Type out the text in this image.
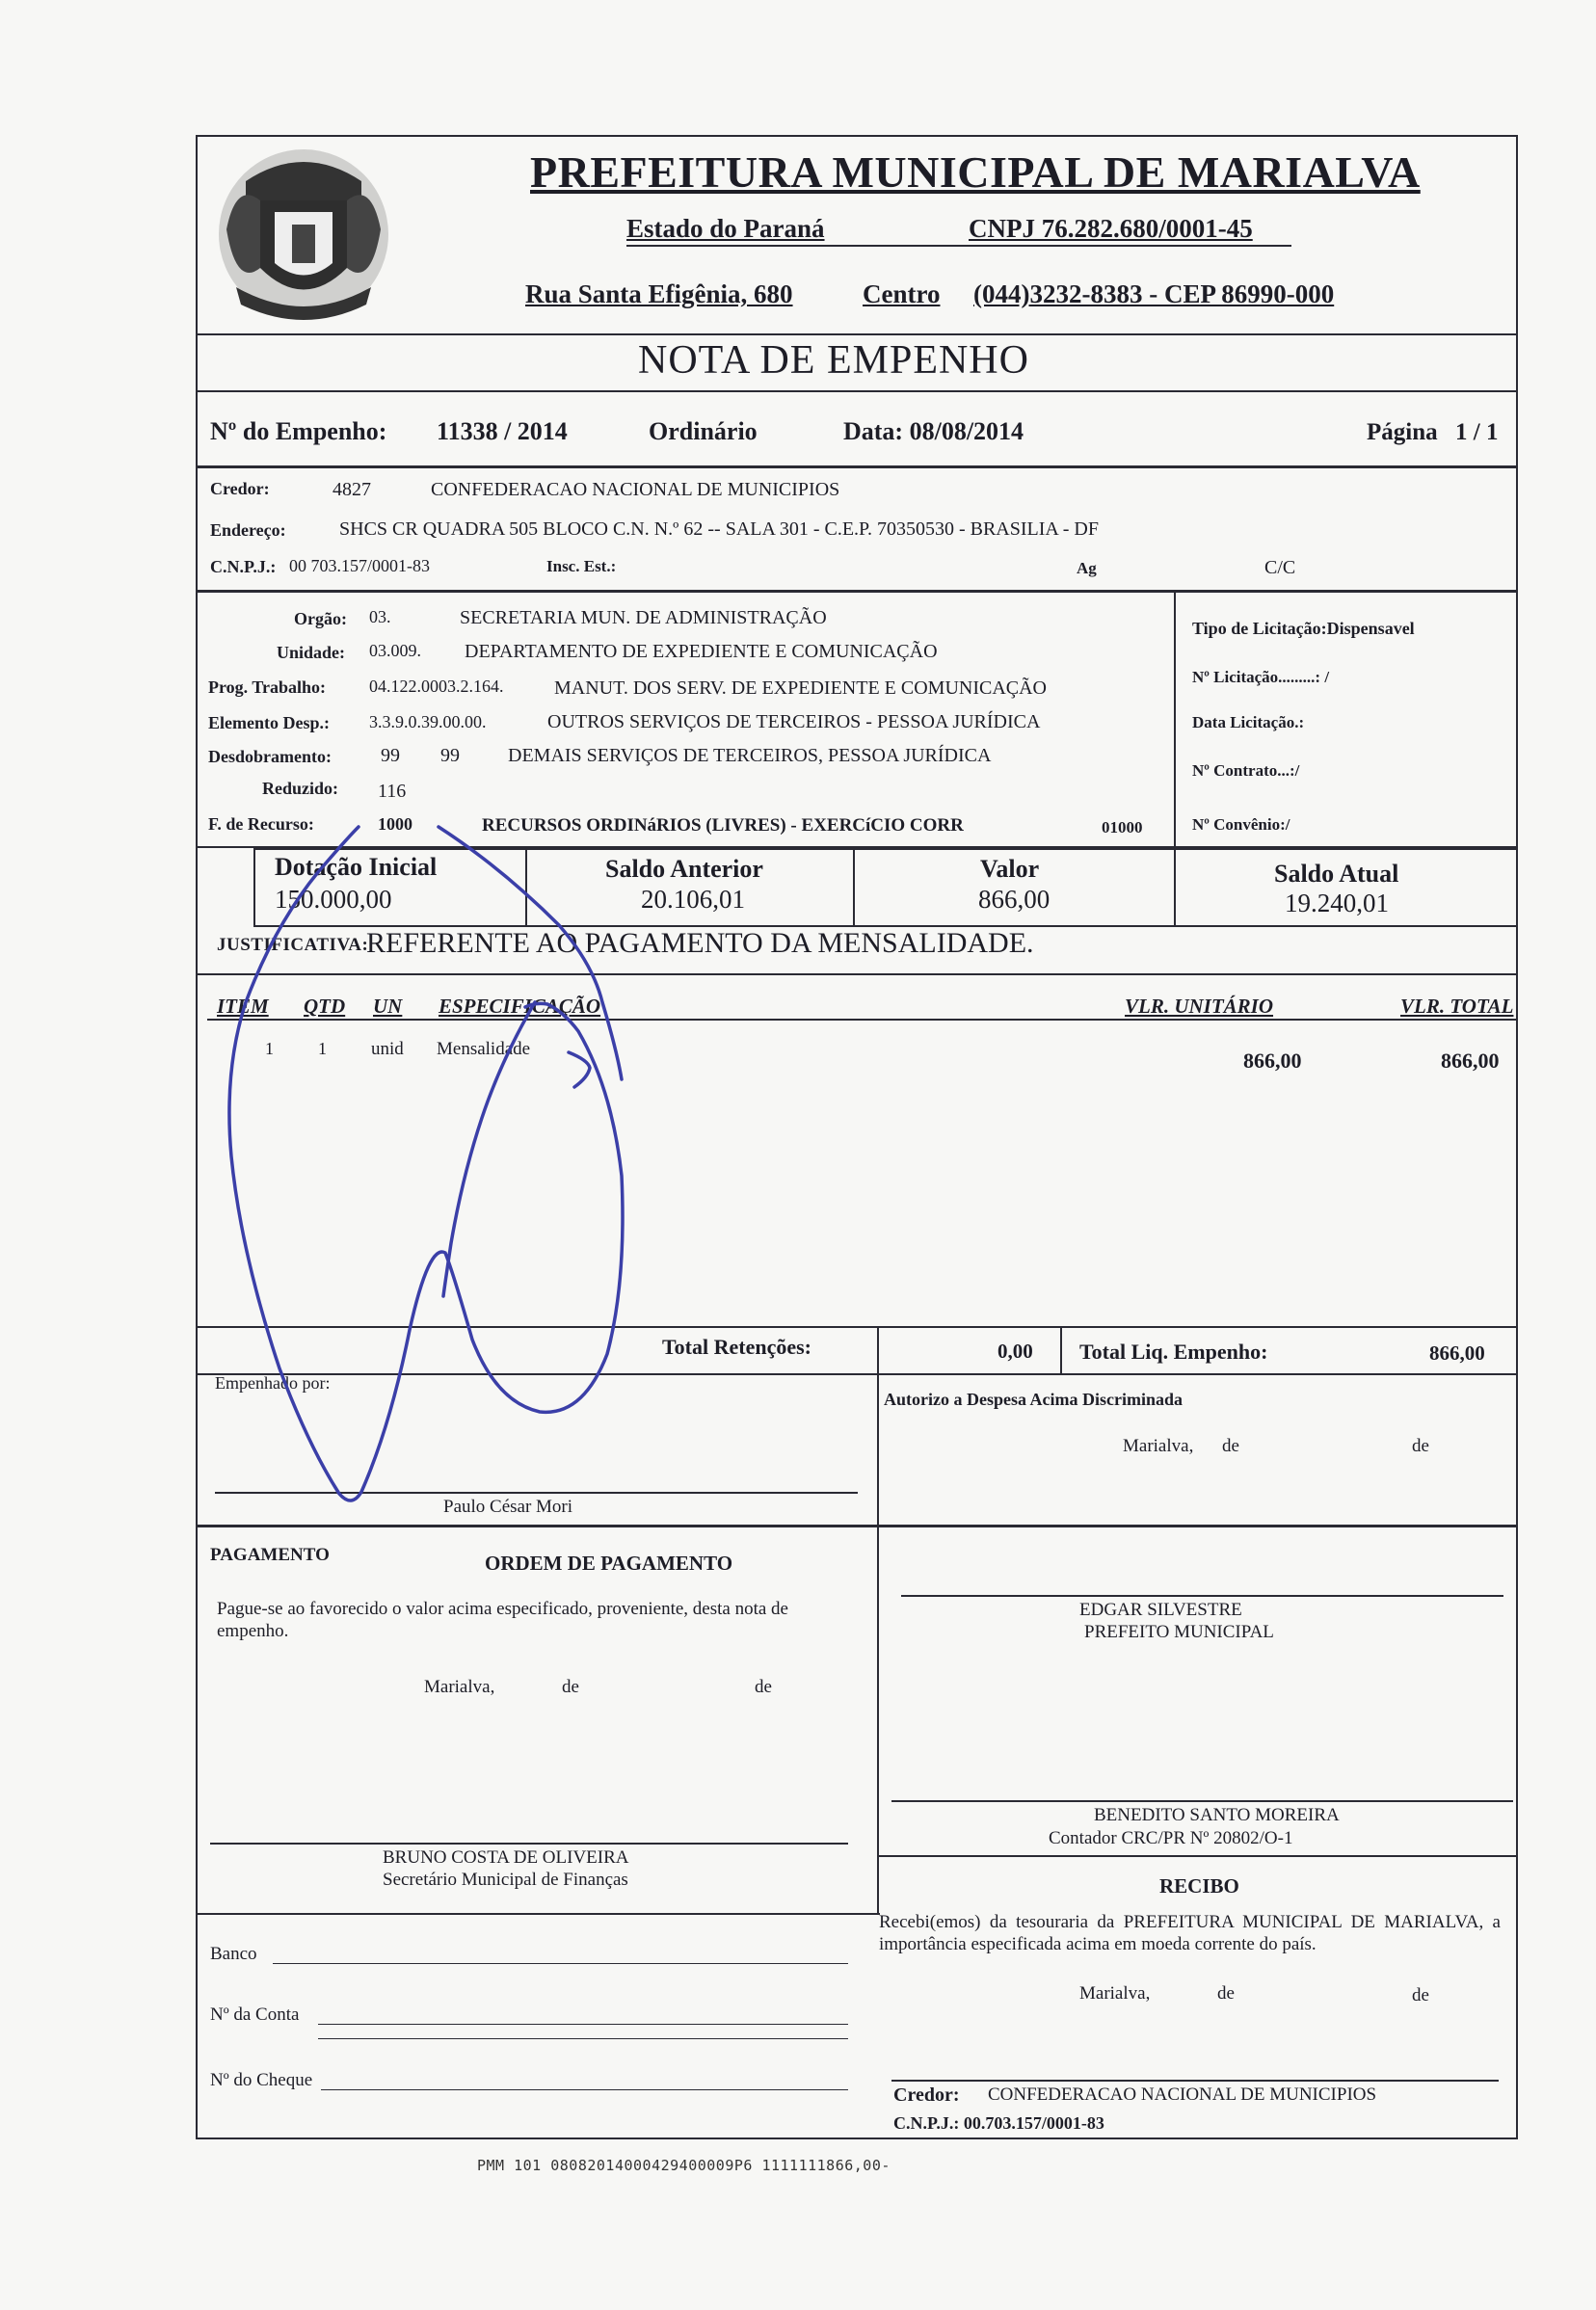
PREFEITURA MUNICIPAL DE MARIALVA
Estado do Paraná	CNPJ 76.282.680/0001-45
Rua Santa Efigênia, 680	Centro (044)3232-8383 - CEP 86990-000
NOTA DE EMPENHO
Nº do Empenho: 11338 / 2014	Ordinário	Data: 08/08/2014	Página 1 / 1
Credor:	4827	CONFEDERACAO NACIONAL DE MUNICIPIOS
Endereço:	SHCS CR QUADRA 505 BLOCO C.N. N.º 62 -- SALA 301 - C.E.P. 70350530 - BRASILIA - DF
C.N.P.J.: 00 703.157/0001-83	Insc. Est.:	Ag	C/C
Orgão: 03.	SECRETARIA MUN. DE ADMINISTRAÇÃO
Unidade: 03.009. DEPARTAMENTO DE EXPEDIENTE E COMUNICAÇÃO
Prog. Trabalho: 04.122.0003.2.164.	MANUT. DOS SERV. DE EXPEDIENTE E COMUNICAÇÃO
Elemento Desp.: 3.3.9.0.39.00.00.	OUTROS SERVIÇOS DE TERCEIROS - PESSOA JURÍDICA
Desdobramento:	99 99	DEMAIS SERVIÇOS DE TERCEIROS, PESSOA JURÍDICA
Reduzido: 116
F. de Recurso:	1000	RECURSOS ORDINáRIOS (LIVRES) - EXERCíCIO CORR	01000
Tipo de Licitação:Dispensavel
Nº Licitação.........: /
Data Licitação.:
Nº Contrato...:/
Nº Convênio:/
Dotação Inicial
150.000,00
Saldo Anterior
20.106,01
Valor
866,00
Saldo Atual
19.240,01
JUSTIFICATIVA:
REFERENTE AO PAGAMENTO DA MENSALIDADE.
ITEM QTD UN ESPECIFICAÇÃO	VLR. UNITÁRIO	VLR. TOTAL
1	1 unid Mensalidade	866,00	866,00
Total Retenções:	0,00 Total Liq. Empenho:	866,00
Empenhado por:
Autorizo a Despesa Acima Discriminada
Marialva, de	de
Paulo César Mori
PAGAMENTO	ORDEM DE PAGAMENTO
Pague-se ao favorecido o valor acima especificado, proveniente, desta nota de empenho.
Marialva,	de	de
EDGAR SILVESTRE
PREFEITO MUNICIPAL
BENEDITO SANTO MOREIRA
Contador CRC/PR Nº 20802/O-1
BRUNO COSTA DE OLIVEIRA
Secretário Municipal de Finanças	RECIBO
Recebi(emos) da tesouraria da PREFEITURA MUNICIPAL DE MARIALVA, a importância especificada acima em moeda corrente do país.
Marialva,	de	de
Banco
Nº da Conta
Nº do Cheque
Credor: CONFEDERACAO NACIONAL DE MUNICIPIOS
C.N.P.J.: 00.703.157/0001-83
PMM 101 08082014000429400009P6 1111111866,00-
